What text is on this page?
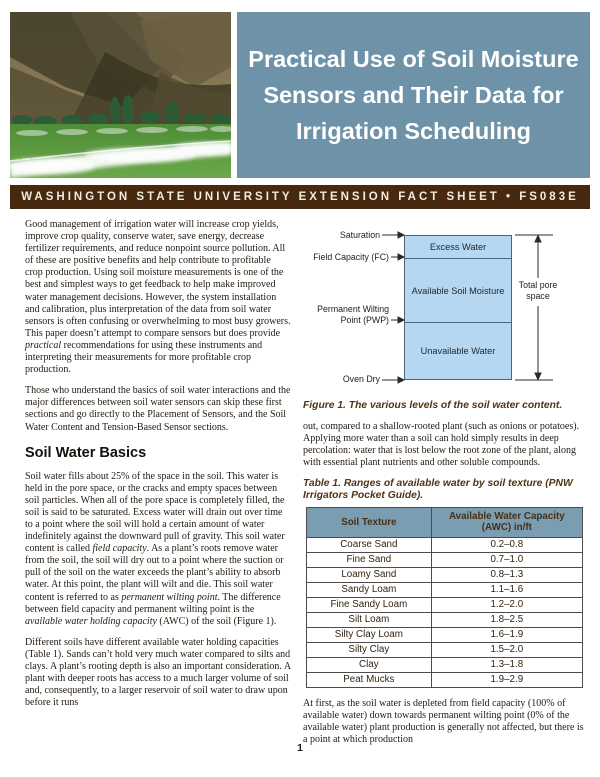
Practical Use of Soil Moisture
Sensors and Their Data for
Irrigation Scheduling
WASHINGTON STATE UNIVERSITY EXTENSION FACT SHEET • FS083E

Good management of irrigation water will increase crop yields, improve crop quality, conserve water, save energy, decrease fertilizer requirements, and reduce nonpoint source pollution. All of these are positive benefits and help contribute to profitable crop production. Using soil moisture measurements is one of the best and simplest ways to get feedback to help make improved water management decisions. However, the system installation and calibration, plus interpretation of the data from soil water sensors is often confusing or overwhelming to most busy growers. This paper doesn’t attempt to compare sensors but does provide practical recommendations for using these instruments and interpreting their measurements for more profitable crop production.

Those who understand the basics of soil water interactions and the major differences between soil water sensors can skip these first sections and go directly to the Placement of Sensors, and the Soil Water Content and Tension-Based Sensor sections.

Soil Water Basics

Soil water fills about 25% of the space in the soil. This water is held in the pore space, or the cracks and empty spaces between soil particles. When all of the pore space is completely filled, the soil is said to be saturated. Excess water will drain out over time to a point where the soil will hold a certain amount of water indefinitely against the downward pull of gravity. This soil water content is called field capacity. As a plant’s roots remove water from the soil, the soil will dry out to a point where the suction or pull of the soil on the water exceeds the plant’s ability to absorb water. At this point, the plant will wilt and die. This soil water content is referred to as permanent wilting point. The difference between field capacity and permanent wilting point is the available water holding capacity (AWC) of the soil (Figure 1).

Different soils have different available water holding capacities (Table 1). Sands can’t hold very much water compared to silts and clays. A plant’s rooting depth is also an important consideration. A plant with deeper roots has access to a much larger volume of soil and, consequently, to a larger reservoir of soil water to draw upon before it runs

Excess Water
Available Soil Moisture
Unavailable Water
Saturation
Field Capacity (FC)
Permanent Wilting
Point (PWP)
Oven Dry
Total pore
space

Figure 1. The various levels of the soil water content.

out, compared to a shallow-rooted plant (such as onions or potatoes). Applying more water than a soil can hold simply results in deep percolation: water that is lost below the root zone of the plant, along with essential plant nutrients and other soluble compounds.

Table 1. Ranges of available water by soil texture (PNW Irrigators Pocket Guide).

Soil Texture	Available Water Capacity (AWC) in/ft
Coarse Sand	0.2–0.8
Fine Sand	0.7–1.0
Loamy Sand	0.8–1.3
Sandy Loam	1.1–1.6
Fine Sandy Loam	1.2–2.0
Silt Loam	1.8–2.5
Silty Clay Loam	1.6–1.9
Silty Clay	1.5–2.0
Clay	1.3–1.8
Peat Mucks	1.9–2.9

At first, as the soil water is depleted from field capacity (100% of available water) down towards permanent wilting point (0% of the available water) plant production is generally not affected, but there is a point at which production

1
